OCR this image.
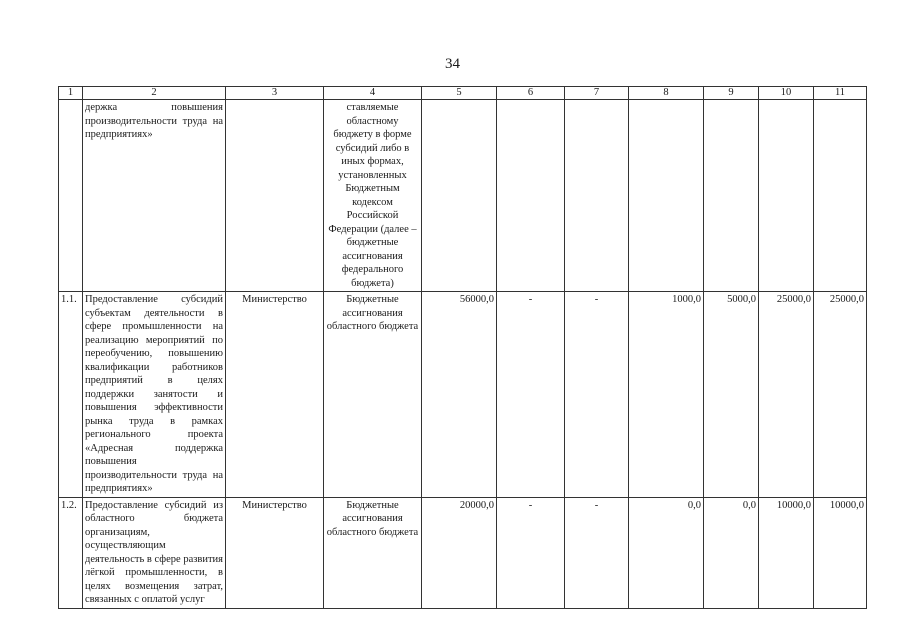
34
1	2	3	4	5	6	7	8	9	10	11
	держка повышения производительности труда на предприятиях»		ставляемые областному бюджету в форме субсидий либо в иных формах, установленных Бюджетным кодексом Российской Федерации (далее – бюджетные ассигнования федерального бюджета)							
1.1.	Предоставление субсидий субъектам деятельности в сфере промышленности на реализацию мероприятий по переобучению, повышению квалификации работников предприятий в целях поддержки занятости и повышения эффективности рынка труда в рамках регионального проекта «Адресная поддержка повышения производительности труда на предприятиях»	Министерство	Бюджетные ассигнования областного бюджета	56000,0	-	-	1000,0	5000,0	25000,0	25000,0
1.2.	Предоставление субсидий из областного бюджета организациям, осуществляющим деятельность в сфере развития лёгкой промышленности, в целях возмещения затрат, связанных с оплатой услуг	Министерство	Бюджетные ассигнования областного бюджета	20000,0	-	-	0,0	0,0	10000,0	10000,0
